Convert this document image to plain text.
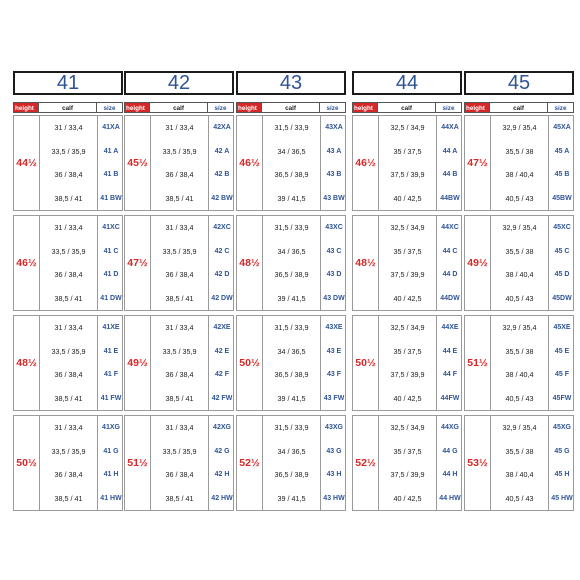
41
height	calf	size
44½
31 / 33,4	41XA
33,5 / 35,9	41 A
36 / 38,4	41 B
38,5 / 41	41 BW
46½
31 / 33,4	41XC
33,5 / 35,9	41 C
36 / 38,4	41 D
38,5 / 41	41 DW
48½
31 / 33,4	41XE
33,5 / 35,9	41 E
36 / 38,4	41 F
38,5 / 41	41 FW
50½
31 / 33,4	41XG
33,5 / 35,9	41 G
36 / 38,4	41 H
38,5 / 41	41 HW
42
height	calf	size
45½
31 / 33,4	42XA
33,5 / 35,9	42 A
36 / 38,4	42 B
38,5 / 41	42 BW
47½
31 / 33,4	42XC
33,5 / 35,9	42 C
36 / 38,4	42 D
38,5 / 41	42 DW
49½
31 / 33,4	42XE
33,5 / 35,9	42 E
36 / 38,4	42 F
38,5 / 41	42 FW
51½
31 / 33,4	42XG
33,5 / 35,9	42 G
36 / 38,4	42 H
38,5 / 41	42 HW
43
height	calf	size
46½
31,5 / 33,9	43XA
34 / 36,5	43 A
36,5 / 38,9	43 B
39 / 41,5	43 BW
48½
31,5 / 33,9	43XC
34 / 36,5	43 C
36,5 / 38,9	43 D
39 / 41,5	43 DW
50½
31,5 / 33,9	43XE
34 / 36,5	43 E
36,5 / 38,9	43 F
39 / 41,5	43 FW
52½
31,5 / 33,9	43XG
34 / 36,5	43 G
36,5 / 38,9	43 H
39 / 41,5	43 HW
44
height	calf	size
46½
32,5 / 34,9	44XA
35 / 37,5	44 A
37,5 / 39,9	44 B
40 / 42,5	44BW
48½
32,5 / 34,9	44XC
35 / 37,5	44 C
37,5 / 39,9	44 D
40 / 42,5	44DW
50½
32,5 / 34,9	44XE
35 / 37,5	44 E
37,5 / 39,9	44 F
40 / 42,5	44FW
52½
32,5 / 34,9	44XG
35 / 37,5	44 G
37,5 / 39,9	44 H
40 / 42,5	44 HW
45
height	calf	size
47½
32,9 / 35,4	45XA
35,5 / 38	45 A
38 / 40,4	45 B
40,5 / 43	45BW
49½
32,9 / 35,4	45XC
35,5 / 38	45 C
38 / 40,4	45 D
40,5 / 43	45DW
51½
32,9 / 35,4	45XE
35,5 / 38	45 E
38 / 40,4	45 F
40,5 / 43	45FW
53½
32,9 / 35,4	45XG
35,5 / 38	45 G
38 / 40,4	45 H
40,5 / 43	45 HW
